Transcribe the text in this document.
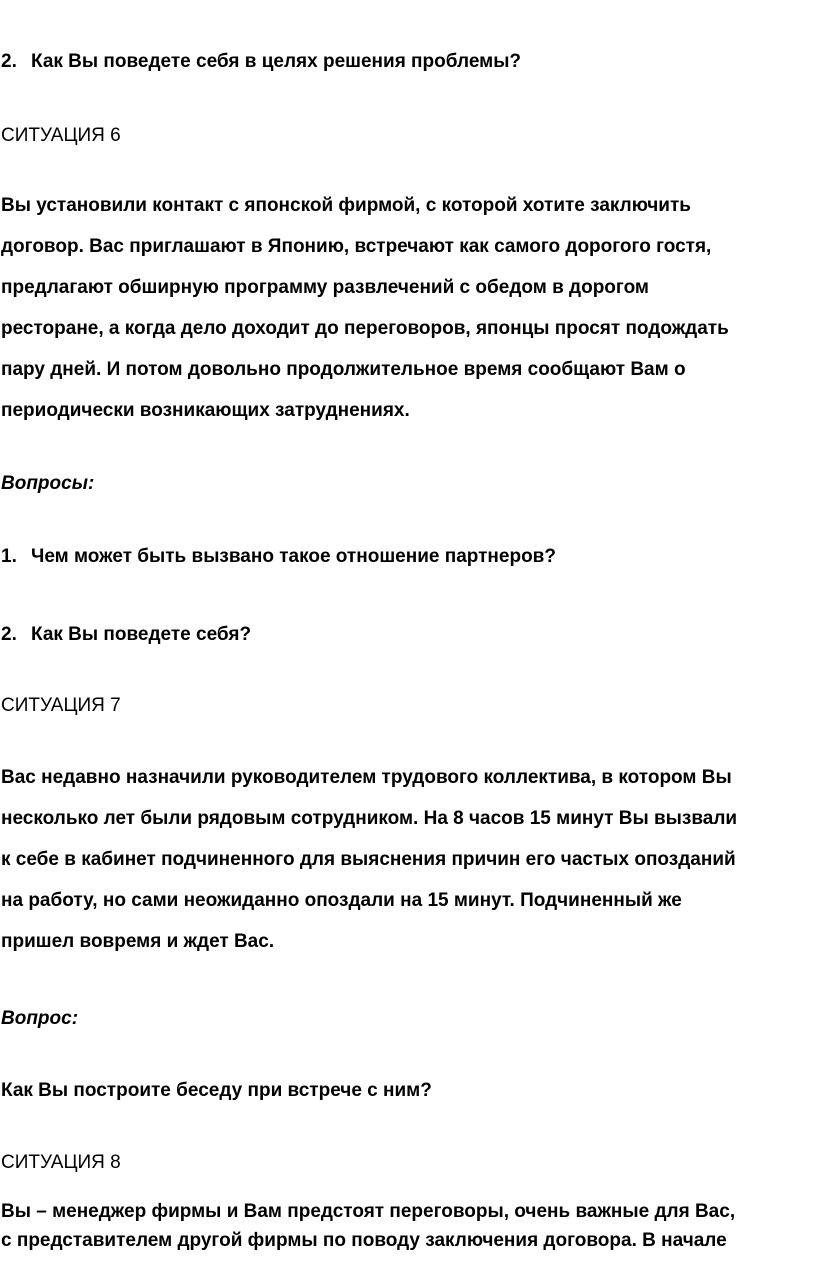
2. Как Вы поведете себя в целях решения проблемы?
СИТУАЦИЯ 6
Вы установили контакт с японской фирмой, с которой хотите заключить
договор. Вас приглашают в Японию, встречают как самого дорогого гостя,
предлагают обширную программу развлечений с обедом в дорогом
ресторане, а когда дело доходит до переговоров, японцы просят подождать
пару дней. И потом довольно продолжительное время сообщают Вам о
периодически возникающих затруднениях.
Вопросы:
1. Чем может быть вызвано такое отношение партнеров?
2. Как Вы поведете себя?
СИТУАЦИЯ 7
Вас недавно назначили руководителем трудового коллектива, в котором Вы
несколько лет были рядовым сотрудником. На 8 часов 15 минут Вы вызвали
к себе в кабинет подчиненного для выяснения причин его частых опозданий
на работу, но сами неожиданно опоздали на 15 минут. Подчиненный же
пришел вовремя и ждет Вас.
Вопрос:
Как Вы построите беседу при встрече с ним?
СИТУАЦИЯ 8
Вы – менеджер фирмы и Вам предстоят переговоры, очень важные для Вас,
с представителем другой фирмы по поводу заключения договора. В начале
